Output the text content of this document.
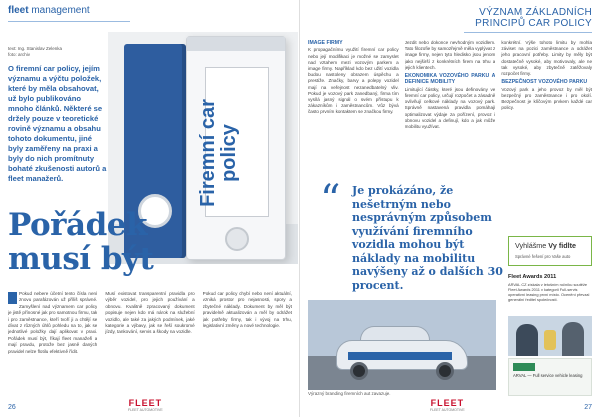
fleet management
text: Ing. Stanislav Zelenka
foto: archiv
O firemní car policy, jejím významu a výčtu položek, které by měla obsahovat, už bylo publikováno mnoho článků. Některé se držely pouze v teoretické rovině významu a obsahu tohoto dokumentu, jiné byly zaměřeny na praxi a byly do nich promítnuty bohaté zkušenosti autorů a fleet manažerů.	Firemní car policy
Pořádek
musí být
Pokud nebere účetní tento čísla není znovu parafázován už příliš správné. Zamyšlení nad významem car policy je jistě přínosné jak pro samotnou firmu, tak i pro zaměstnance, kteří tvoří ji a chtějí se dívat z různých úhlů pohledu na to, jak se jednotlivé položky dají aplikovat v praxi. Pořádek musí být, říkají fleet manažeři a mají pravdu, protože bez jasně daných pravidel nelze flotilu efektivně řídit.
Musí existovat transparentní pravidla pro výběr vozidel, pro jejich používání a obnovu. Kvalitně zpracovaný dokument popisuje nejen kdo má nárok na služební vozidlo, ale také za jakých podmínek, jaké kategorie a výbavy, jak se řeší soukromé jízdy, tankování, servis a škody na vozidle.
Pokud car policy chybí nebo není aktuální, vzniká prostor pro nejasnosti, spory a zbytečné náklady. Dokument by měl být pravidelně aktualizován a měl by odrážet jak potřeby firmy, tak i vývoj na trhu, legislativní změny a nové technologie.
26	FLEET
FLEET AUTOMOTIVE
VÝZNAM ZÁKLADNÍCH
PRINCIPŮ CAR POLICY
IMAGE FIRMY
K propagačnímu využití firemní car policy nebo její modifikaci je možné se zamyslet nad vztahem mezi vozovým parkem a image firmy. Například kdo bez užití vozidla budou nastoleny obrazem úspěchu a prestiže. Značky, barvy a polepy vozidel mají na veřejnost nezanedbatelný vliv. Pokud je vozový park zanedbaný, firma tím vysílá jasný signál o svém přístupu k zákazníkům i zaměstnancům. Vůz bývá často prvním kontaktem se značkou firmy.
Jezdit nebo dokonce nevhodným vozidlem. Tato filozofie by samozřejmě měla vyplývat z image firmy, nejen tyto hledisko jsou jenom jako nejširší z konkrétních firem na trhu a jejich klientech.
EKONOMIKA VOZOVÉHO PARKU A DEFINICE MOBILITY
Limitující částky, které jsou definovány ve firemní car policy, určují rozpočet a zásadně ovlivňují celkové náklady na vozový park. Správně nastavená pravidla pomáhají optimalizovat výdaje za pořízení, provoz i obnovu vozidel a definují, kdo a jak může mobilitu využívat.
konkrétní. Výše tohoto limitu by mohla záviset na pozici zaměstnance a odrážet jeho pracovní potřeby. Limity by měly být dostatečně vysoké, aby motivovaly, ale ne tak vysoké, aby zbytečně zatěžovaly rozpočet firmy.
BEZPEČNOST VOZOVÉHO PARKU
Vozový park a jeho provoz by měl být bezpečný pro zaměstnance i pro okolí. Bezpečnost je klíčovým prvkem každé car policy.
“ Je prokázáno, že nešetrným nebo nesprávným způsobem využívání firemního vozidla mohou být náklady na mobilitu navýšeny až o dalších 30 procent.
Výrazný branding firemních aut zavazuje.
Vyhlášme Vy fidlte
Správné řešení pro Vaše auto
Fleet Awards 2011
ARVAL CZ získala v letošním ročníku soutěže Fleet Awards 2011 v kategorii Full-servis operativní leasing první místo. Ocenění převzal generální ředitel společnosti.
ARVAL — Full service vehicle leasing
FLEET
FLEET AUTOMOTIVE	27
